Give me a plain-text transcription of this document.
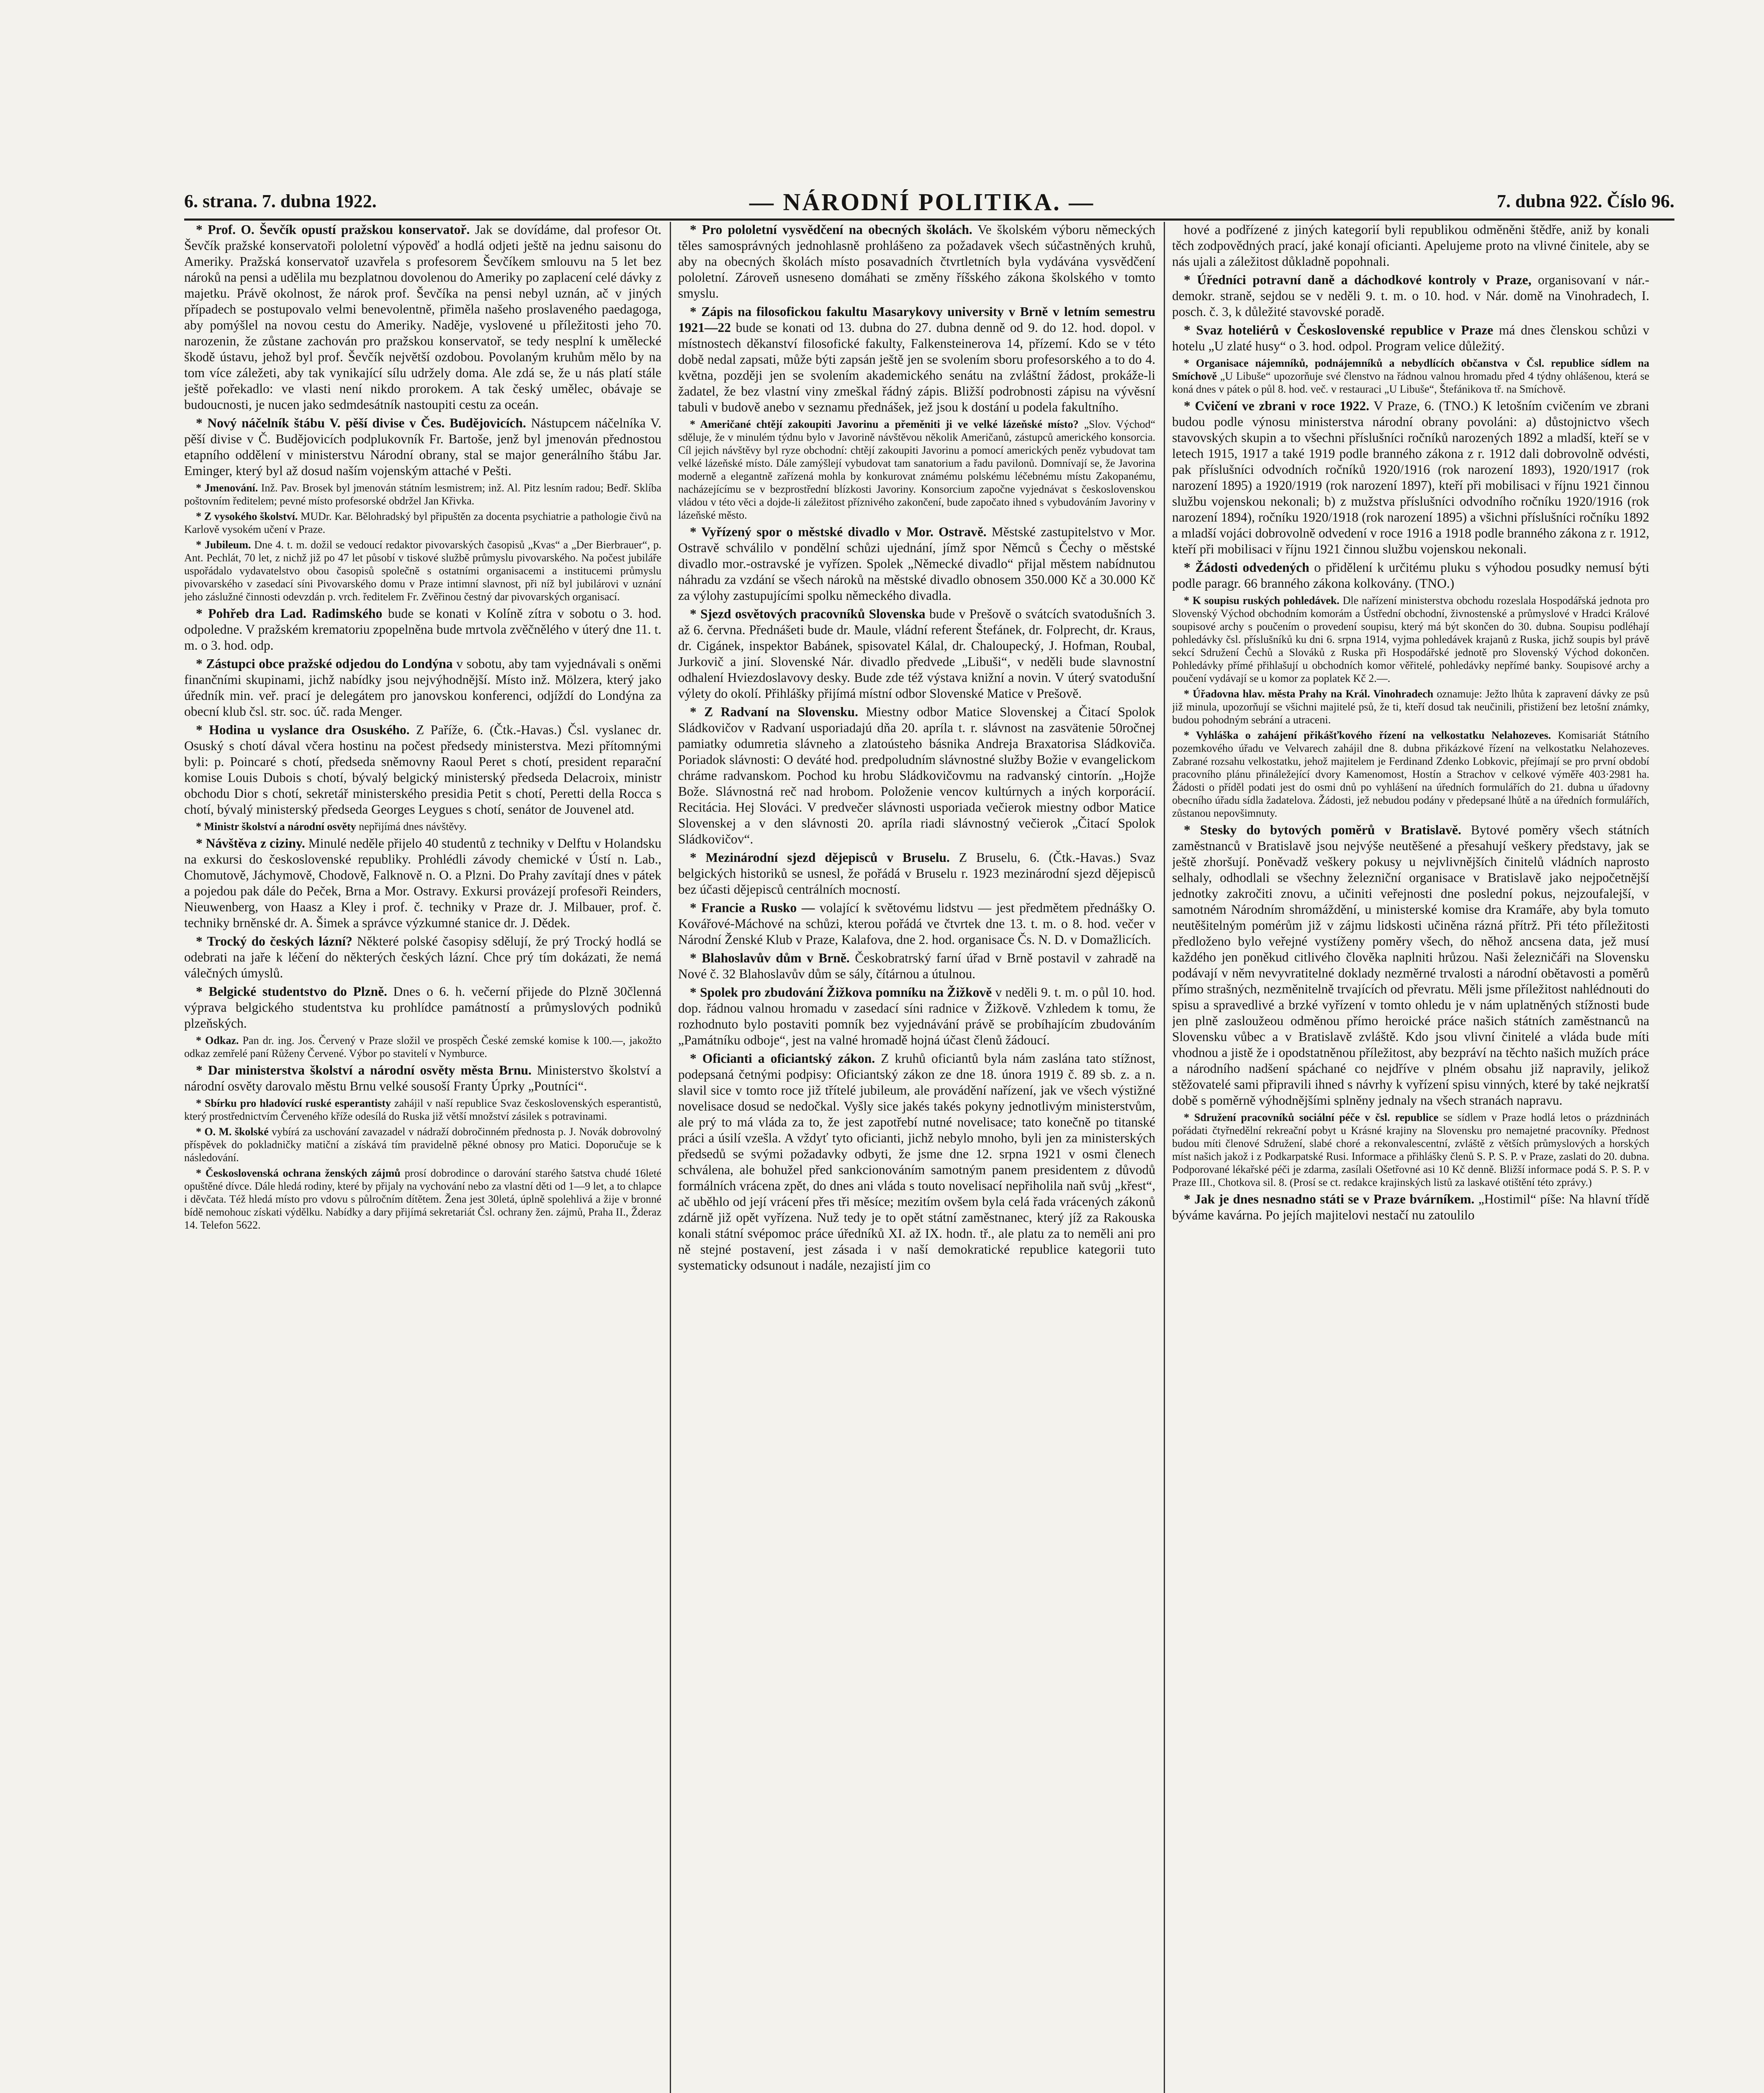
6. strana. 7. dubna 1922.	— NÁRODNÍ POLITIKA. —	7. dubna 922. Číslo 96.

* Prof. O. Ševčík opustí pražskou konservatoř. Jak se dovídáme, dal profesor Ot. Ševčík pražské konservatoři pololetní výpověď a hodlá odjeti ještě na jednu saisonu do Ameriky. Pražská konservatoř uzavřela s profesorem Ševčíkem smlouvu na 5 let bez nároků na pensi a udělila mu bezplatnou dovolenou do Ameriky po zaplacení celé dávky z majetku. Právě okolnost, že nárok prof. Ševčíka na pensi nebyl uznán, ač v jiných případech se postupovalo velmi benevolentně, přiměla našeho proslaveného paedagoga, aby pomýšlel na novou cestu do Ameriky. Naděje, vyslovené u příležitosti jeho 70. narozenin, že zůstane zachován pro pražskou konservatoř, se tedy nesplní k umělecké škodě ústavu, jehož byl prof. Ševčík největší ozdobou. Povolaným kruhům mělo by na tom více záležeti, aby tak vynikající sílu udržely doma. Ale zdá se, že u nás platí stále ještě pořekadlo: ve vlasti není nikdo prorokem. A tak český umělec, obávaje se budoucnosti, je nucen jako sedmdesátník nastoupiti cestu za oceán.

* Nový náčelník štábu V. pěší divise v Čes. Budějovicích. Nástupcem náčelníka V. pěší divise v Č. Budějovicích podplukovník Fr. Bartoše, jenž byl jmenován přednostou etapního oddělení v ministerstvu Národní obrany, stal se major generálního štábu Jar. Eminger, který byl až dosud naším vojenským attaché v Pešti.

* Jmenování. Inž. Pav. Brosek byl jmenován státním lesmistrem; inž. Al. Pitz lesním radou; Bedř. Sklíba poštovním ředitelem; pevné místo profesorské obdržel Jan Křivka.

* Z vysokého školství. MUDr. Kar. Bělohradský byl připuštěn za docenta psychiatrie a pathologie čivů na Karlově vysokém učení v Praze.

* Jubileum. Dne 4. t. m. dožil se vedoucí redaktor pivovarských časopisů „Kvas“ a „Der Bierbrauer“, p. Ant. Pechlát, 70 let, z nichž již po 47 let působí v tiskové službě průmyslu pivovarského. Na počest jubiláře uspořádalo vydavatelstvo obou časopisů společně s ostatními organisacemi a institucemi průmyslu pivovarského v zasedací síni Pivovarského domu v Praze intimní slavnost, při níž byl jubilárovi v uznání jeho záslužné činnosti odevzdán p. vrch. ředitelem Fr. Zvěřinou čestný dar pivovarských organisací.

* Pohřeb dra Lad. Radimského bude se konati v Kolíně zítra v sobotu o 3. hod. odpoledne. V pražském krematoriu zpopelněna bude mrtvola zvěčnělého v úterý dne 11. t. m. o 3. hod. odp.

* Zástupci obce pražské odjedou do Londýna v sobotu, aby tam vyjednávali s oněmi finančními skupinami, jichž nabídky jsou nejvýhodnější. Místo inž. Mölzera, který jako úředník min. veř. prací je delegátem pro janovskou konferenci, odjíždí do Londýna za obecní klub čsl. str. soc. úč. rada Menger.

* Hodina u vyslance dra Osuského. Z Paříže, 6. (Čtk.-Havas.) Čsl. vyslanec dr. Osuský s chotí dával včera hostinu na počest předsedy ministerstva. Mezi přítomnými byli: p. Poincaré s chotí, předseda sněmovny Raoul Peret s chotí, president reparační komise Louis Dubois s chotí, bývalý belgický ministerský předseda Delacroix, ministr obchodu Dior s chotí, sekretář ministerského presidia Petit s chotí, Peretti della Rocca s chotí, bývalý ministerský předseda Georges Leygues s chotí, senátor de Jouvenel atd.

* Ministr školství a národní osvěty nepřijímá dnes návštěvy.

* Návštěva z ciziny. Minulé neděle přijelo 40 studentů z techniky v Delftu v Holandsku na exkursi do československé republiky. Prohlédli závody chemické v Ústí n. Lab., Chomutově, Jáchymově, Chodově, Falknově n. O. a Plzni. Do Prahy zavítají dnes v pátek a pojedou pak dále do Peček, Brna a Mor. Ostravy. Exkursi provázejí profesoři Reinders, Nieuwenberg, von Haasz a Kley i prof. č. techniky v Praze dr. J. Milbauer, prof. č. techniky brněnské dr. A. Šimek a správce výzkumné stanice dr. J. Dědek.

* Trocký do českých lázní? Některé polské časopisy sdělují, že prý Trocký hodlá se odebrati na jaře k léčení do některých českých lázní. Chce prý tím dokázati, že nemá válečných úmyslů.

* Belgické studentstvo do Plzně. Dnes o 6. h. večerní přijede do Plzně 30členná výprava belgického studentstva ku prohlídce památností a průmyslových podniků plzeňských.

* Odkaz. Pan dr. ing. Jos. Červený v Praze složil ve prospěch České zemské komise k 100.—, jakožto odkaz zemřelé paní Růženy Červené. Výbor po stavitelí v Nymburce.

* Dar ministerstva školství a národní osvěty města Brnu. Ministerstvo školství a národní osvěty darovalo městu Brnu velké sousoší Franty Úprky „Poutníci“.

* Sbírku pro hladovící ruské esperantisty zahájil v naší republice Svaz československých esperantistů, který prostřednictvím Červeného kříže odesílá do Ruska již větší množství zásilek s potravinami.

* O. M. školské vybírá za uschování zavazadel v nádraží dobročinném přednosta p. J. Novák dobrovolný příspěvek do pokladničky matiční a získává tím pravidelně pěkné obnosy pro Matici. Doporučuje se k následování.

* Československá ochrana ženských zájmů prosí dobrodince o darování starého šatstva chudé 16leté opuštěné dívce. Dále hledá rodiny, které by přijaly na vychování nebo za vlastní děti od 1—9 let, a to chlapce i děvčata. Též hledá místo pro vdovu s půlročním dítětem. Žena jest 30letá, úplně spolehlivá a žije v bronné bídě nemohouc získati výdělku. Nabídky a dary přijímá sekretariát Čsl. ochrany žen. zájmů, Praha II., Žderaz 14. Telefon 5622.

* Pro pololetní vysvědčení na obecných školách. Ve školském výboru německých těles samosprávných jednohlasně prohlášeno za požadavek všech súčastněných kruhů, aby na obecných školách místo posavadních čtvrtletních byla vydávána vysvědčení pololetní. Zároveň usneseno domáhati se změny říšského zákona školského v tomto smyslu.

* Zápis na filosofickou fakultu Masarykovy university v Brně v letním semestru 1921—22 bude se konati od 13. dubna do 27. dubna denně od 9. do 12. hod. dopol. v místnostech děkanství filosofické fakulty, Falkensteinerova 14, přízemí. Kdo se v této době nedal zapsati, může býti zapsán ještě jen se svolením sboru profesorského a to do 4. května, později jen se svolením akademického senátu na zvláštní žádost, prokáže-li žadatel, že bez vlastní viny zmeškal řádný zápis. Bližší podrobnosti zápisu na vývěsní tabuli v budově anebo v seznamu přednášek, jež jsou k dostání u podela fakultního.

* Američané chtějí zakoupiti Javorinu a přeměniti ji ve velké lázeňské místo? „Slov. Východ“ sděluje, že v minulém týdnu bylo v Javorině návštěvou několik Američanů, zástupců amerického konsorcia. Cíl jejich návštěvy byl ryze obchodní: chtějí zakoupiti Javorinu a pomocí amerických peněz vybudovat tam velké lázeňské místo. Dále zamýšlejí vybudovat tam sanatorium a řadu pavilonů. Domnívají se, že Javorina moderně a elegantně zařízená mohla by konkurovat známému polskému léčebnému místu Zakopanému, nacházejícímu se v bezprostřední blízkosti Javoriny. Konsorcium započne vyjednávat s československou vládou v této věci a dojde-li záležitost příznivého zakončení, bude započato ihned s vybudováním Javoriny v lázeňské město.

* Vyřízený spor o městské divadlo v Mor. Ostravě. Městské zastupitelstvo v Mor. Ostravě schválilo v pondělní schůzi ujednání, jímž spor Němců s Čechy o městské divadlo mor.-ostravské je vyřízen. Spolek „Německé divadlo“ přijal městem nabídnutou náhradu za vzdání se všech nároků na městské divadlo obnosem 350.000 Kč a 30.000 Kč za výlohy zastupujícími spolku německého divadla.

* Sjezd osvětových pracovníků Slovenska bude v Prešově o svátcích svatodušních 3. až 6. června. Přednášeti bude dr. Maule, vládní referent Štefánek, dr. Folprecht, dr. Kraus, dr. Cigánek, inspektor Babánek, spisovatel Kálal, dr. Chaloupecký, J. Hofman, Roubal, Jurkovič a jiní. Slovenské Nár. divadlo předvede „Libuši“, v neděli bude slavnostní odhalení Hviezdoslavovy desky. Bude zde též výstava knižní a novin. V úterý svatodušní výlety do okolí. Přihlášky přijímá místní odbor Slovenské Matice v Prešově.

* Z Radvaní na Slovensku. Miestny odbor Matice Slovenskej a Čitací Spolok Sládkovičov v Radvaní usporiadajú dňa 20. apríla t. r. slávnost na zasvätenie 50ročnej pamiatky odumretia slávneho a zlatoústeho básnika Andreja Braxatorisa Sládkoviča. Poriadok slávnosti: O deváté hod. predpoludním slávnostné služby Božie v evangelickom chráme radvanskom. Pochod ku hrobu Sládkovičovmu na radvanský cintorín. „Hojže Bože. Slávnostná reč nad hrobom. Položenie vencov kultúrnych a iných korporácií. Recitácia. Hej Slováci. V predvečer slávnosti usporiada večierok miestny odbor Matice Slovenskej a v den slávnosti 20. apríla riadi slávnostný večierok „Čitací Spolok Sládkovičov“.

* Mezinárodní sjezd dějepisců v Bruselu. Z Bruselu, 6. (Čtk.-Havas.) Svaz belgických historiků se usnesl, že pořádá v Bruselu r. 1923 mezinárodní sjezd dějepisců bez účasti dějepisců centrálních mocností.

* Francie a Rusko — volající k světovému lidstvu — jest předmětem přednášky O. Kovářové-Máchové na schůzi, kterou pořádá ve čtvrtek dne 13. t. m. o 8. hod. večer v Národní Ženské Klub v Praze, Kalafova, dne 2. hod. organisace Čs. N. D. v Domažlicích.

* Blahoslavův dům v Brně. Českobratrský farní úřad v Brně postavil v zahradě na Nové č. 32 Blahoslavův dům se sály, čítárnou a útulnou.

* Spolek pro zbudování Žižkova pomníku na Žižkově v neděli 9. t. m. o půl 10. hod. dop. řádnou valnou hromadu v zasedací síni radnice v Žižkově. Vzhledem k tomu, že rozhodnuto bylo postaviti pomník bez vyjednávání právě se probíhajícím zbudováním „Památníku odboje“, jest na valné hromadě hojná účast členů žádoucí.

* Oficianti a oficiantský zákon. Z kruhů oficiantů byla nám zaslána tato stížnost, podepsaná četnými podpisy: Oficiantský zákon ze dne 18. února 1919 č. 89 sb. z. a n. slavil sice v tomto roce již třítelé jubileum, ale provádění nařízení, jak ve všech výstižné novelisace dosud se nedočkal. Vyšly sice jakés takés pokyny jednotlivým ministerstvům, ale prý to má vláda za to, že jest zapotřebí nutné novelisace; tato konečně po titanské práci a úsilí vzešla. A vždyť tyto oficianti, jichž nebylo mnoho, byli jen za ministerských předsedů se svými požadavky odbyti, že jsme dne 12. srpna 1921 v osmi členech schválena, ale bohužel před sankcionováním samotným panem presidentem z důvodů formálních vrácena zpět, do dnes ani vláda s touto novelisací nepřiholila naň svůj „křest“, ač uběhlo od její vrácení přes tři měsíce; mezitím ovšem byla celá řada vrácených zákonů zdárně již opět vyřízena. Nuž tedy je to opět státní zaměstnanec, který jíž za Rakouska konali státní svépomoc práce úředníků XI. až IX. hodn. tř., ale platu za to neměli ani pro ně stejné postavení, jest zásada i v naší demokratické republice kategorii tuto systematicky odsunout i nadále, nezajistí jim co

hové a podřízené z jiných kategorií byli republikou odměněni štědře, aniž by konali těch zodpovědných prací, jaké konají oficianti. Apelujeme proto na vlivné činitele, aby se nás ujali a záležitost důkladně popohnali.

* Úředníci potravní daně a dáchodkové kontroly v Praze, organisovaní v nár.-demokr. straně, sejdou se v neděli 9. t. m. o 10. hod. v Nár. domě na Vinohradech, I. posch. č. 3, k důležité stavovské poradě.

* Svaz hoteliérů v Československé republice v Praze má dnes členskou schůzi v hotelu „U zlaté husy“ o 3. hod. odpol. Program velice důležitý.

* Organisace nájemníků, podnájemníků a nebydlících občanstva v Čsl. republice sídlem na Smíchově „U Libuše“ upozorňuje své členstvo na řádnou valnou hromadu před 4 týdny ohlášenou, která se koná dnes v pátek o půl 8. hod. več. v restauraci „U Libuše“, Štefánikova tř. na Smíchově.

* Cvičení ve zbrani v roce 1922. V Praze, 6. (TNO.) K letošním cvičením ve zbrani budou podle výnosu ministerstva národní obrany povoláni: a) důstojnictvo všech stavovských skupin a to všechni příslušníci ročníků narozených 1892 a mladší, kteří se v letech 1915, 1917 a také 1919 podle branného zákona z r. 1912 dali dobrovolně odvésti, pak příslušníci odvodních ročníků 1920/1916 (rok narození 1893), 1920/1917 (rok narození 1895) a 1920/1919 (rok narození 1897), kteří při mobilisaci v říjnu 1921 činnou službu vojenskou nekonali; b) z mužstva příslušníci odvodního ročníku 1920/1916 (rok narození 1894), ročníku 1920/1918 (rok narození 1895) a všichni příslušníci ročníku 1892 a mladší vojáci dobrovolně odvedení v roce 1916 a 1918 podle branného zákona z r. 1912, kteří při mobilisaci v říjnu 1921 činnou službu vojenskou nekonali.

* Žádosti odvedených o přidělení k určitému pluku s výhodou posudky nemusí býti podle paragr. 66 branného zákona kolkovány. (TNO.)

* K soupisu ruských pohledávek. Dle nařízení ministerstva obchodu rozeslala Hospodářská jednota pro Slovenský Východ obchodním komorám a Ústřední obchodní, živnostenské a průmyslové v Hradci Králové soupisové archy s poučením o provedení soupisu, který má být skončen do 30. dubna. Soupisu podléhají pohledávky čsl. příslušníků ku dni 6. srpna 1914, vyjma pohledávek krajanů z Ruska, jichž soupis byl právě sekcí Sdružení Čechů a Slováků z Ruska při Hospodářské jednotě pro Slovenský Východ dokončen. Pohledávky přímé přihlašují u obchodních komor věřitelé, pohledávky nepřímé banky. Soupisové archy a poučení vydávají se u komor za poplatek Kč 2.—.

* Úřadovna hlav. města Prahy na Král. Vinohradech oznamuje: Ježto lhůta k zapravení dávky ze psů již minula, upozorňují se všichni majitelé psů, že ti, kteří dosud tak neučinili, přistižení bez letošní známky, budou pohodným sebrání a utraceni.

* Vyhláška o zahájení přikášťkového řízení na velkostatku Nelahozeves. Komisariát Státního pozemkového úřadu ve Velvarech zahájil dne 8. dubna přikázkové řízení na velkostatku Nelahozeves. Zabrané rozsahu velkostatku, jehož majitelem je Ferdinand Zdenko Lobkovic, přejímají se pro první období pracovního plánu přináležející dvory Kamenomost, Hostín a Strachov v celkové výměře 403·2981 ha. Žádosti o příděl podati jest do osmi dnů po vyhlášení na úředních formulářích do 21. dubna u úřadovny obecního úřadu sídla žadatelova. Žádosti, jež nebudou podány v předepsané lhůtě a na úředních formulářích, zůstanou nepovšimnuty.

* Stesky do bytových poměrů v Bratislavě. Bytové poměry všech státních zaměstnanců v Bratislavě jsou nejvýše neutěšené a přesahují veškery představy, jak se ještě zhoršují. Poněvadž veškery pokusy u nejvlivnějších činitelů vládních naprosto selhaly, odhodlali se všechny železniční organisace v Bratislavě jako nejpočetnější jednotky zakročiti znovu, a učiniti veřejnosti dne poslední pokus, nejzoufalejší, v samotném Národním shromáždění, u ministerské komise dra Kramáře, aby byla tomuto neutěšitelným pomérům již v zájmu lidskosti učiněna rázná přítrž. Při této příležitosti předloženo bylo veřejné vystíženy poměry všech, do něhož ancsena data, jež musí každého jen poněkud citlivého člověka naplniti hrůzou. Naši železničáři na Slovensku podávají v něm nevyvratitelné doklady nezměrné trvalosti a národní obětavosti a poměrů přímo strašných, nezměnitelně trvajících od převratu. Měli jsme příležitost nahlédnouti do spisu a spravedlivé a brzké vyřízení v tomto ohledu je v nám uplatněných stížnosti bude jen plně zasloužeou odměnou přímo heroické práce našich státních zaměstnanců na Slovensku vůbec a v Bratislavě zvláště. Kdo jsou vlivní činitelé a vláda bude míti vhodnou a jistě že i opodstatněnou příležitost, aby bezpráví na těchto našich mužích práce a národního nadšení spáchané co nejdříve v plném obsahu již napravily, jelikož stěžovatelé sami připravili ihned s návrhy k vyřízení spisu vinných, které by také nejkratší době s poměrně výhodnějšími splněny jednaly na všech stranách napravu.

* Sdružení pracovníků sociální péče v čsl. republice se sídlem v Praze hodlá letos o prázdninách pořádati čtyřnedělní rekreační pobyt u Krásné krajiny na Slovensku pro nemajetné pracovníky. Přednost budou míti členové Sdružení, slabé choré a rekonvalescentní, zvláště z větších průmyslových a horských míst našich jakož i z Podkarpatské Rusi. Informace a přihlášky členů S. P. S. P. v Praze, zaslati do 20. dubna. Podporované lékařské péči je zdarma, zasílali Ošetřovné asi 10 Kč denně. Bližší informace podá S. P. S. P. v Praze III., Chotkova sil. 8. (Prosí se ct. redakce krajinských listů za laskavé otištění této zprávy.)

* Jak je dnes nesnadno státi se v Praze bvárníkem. „Hostimil“ píše: Na hlavní třídě býváme kavárna. Po jejích majitelovi nestačí nu zatoulilo
